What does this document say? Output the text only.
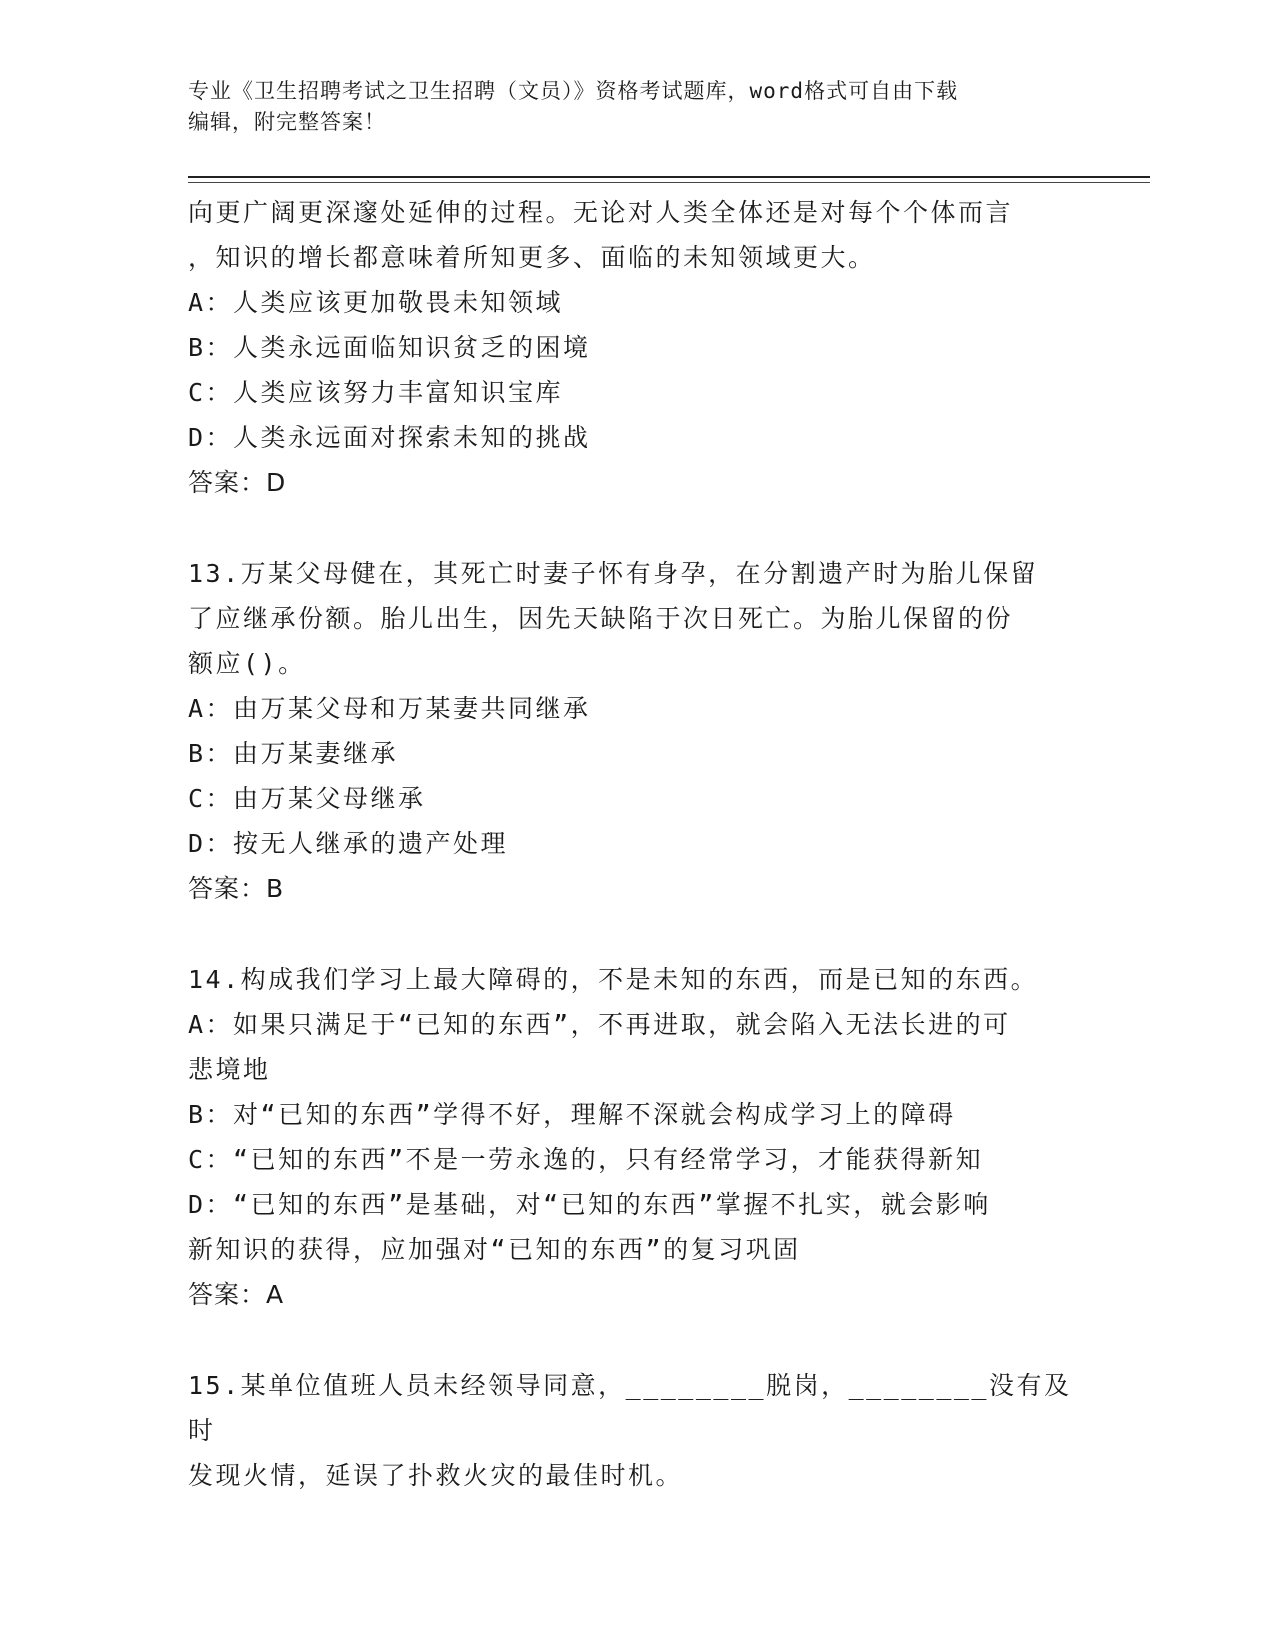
专业《卫生招聘考试之卫生招聘（文员）》资格考试题库，word格式可自由下载
编辑，附完整答案！

向更广阔更深邃处延伸的过程。无论对人类全体还是对每个个体而言

，知识的增长都意味着所知更多、面临的未知领域更大。

A：人类应该更加敬畏未知领域

B：人类永远面临知识贫乏的困境

C：人类应该努力丰富知识宝库

D：人类永远面对探索未知的挑战

答案：D

13.万某父母健在，其死亡时妻子怀有身孕，在分割遗产时为胎儿保留

了应继承份额。胎儿出生，因先天缺陷于次日死亡。为胎儿保留的份

额应()。

A：由万某父母和万某妻共同继承

B：由万某妻继承

C：由万某父母继承

D：按无人继承的遗产处理

答案：B

14.构成我们学习上最大障碍的，不是未知的东西，而是已知的东西。

A：如果只满足于“已知的东西”，不再进取，就会陷入无法长进的可

悲境地

B：对“已知的东西”学得不好，理解不深就会构成学习上的障碍

C：“已知的东西”不是一劳永逸的，只有经常学习，才能获得新知

D：“已知的东西”是基础，对“已知的东西”掌握不扎实，就会影响

新知识的获得，应加强对“已知的东西”的复习巩固

答案：A

15.某单位值班人员未经领导同意，________脱岗，________没有及时

发现火情，延误了扑救火灾的最佳时机。
